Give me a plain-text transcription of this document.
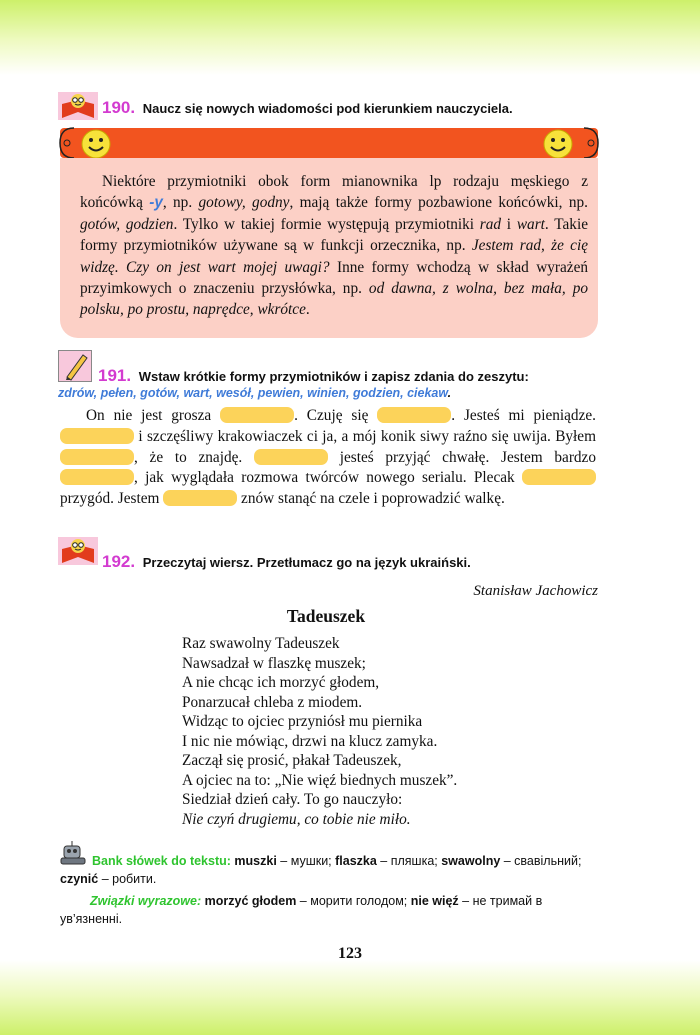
190. Naucz się nowych wiadomości pod kierunkiem nauczyciela.
Niektóre przymiotniki obok form mianownika lp rodzaju męskiego z końcówką -y, np. gotowy, godny, mają także formy pozbawione końcówki, np. gotów, godzien. Tylko w takiej formie występują przymiotniki rad i wart. Takie formy przymiotników używane są w funkcji orzecznika, np. Jestem rad, że cię widzę. Czy on jest wart mojej uwagi? Inne formy wchodzą w skład wyrażeń przyimkowych o znaczeniu przysłówka, np. od dawna, z wolna, bez mała, po polsku, po prostu, naprędce, wkrótce.
191. Wstaw krótkie formy przymiotników i zapisz zdania do zeszytu:
zdrów, pełen, gotów, wart, wesół, pewien, winien, godzien, ciekaw.
On nie jest grosza	. Czuję się	. Jesteś mi pieniądze.  i szczęśliwy krakowiaczek ci ja, a mój konik siwy raźno się uwija. Byłem , że to znajdę.	jesteś przyjąć chwałę. Jestem bardzo , jak wyglądała rozmowa twórców nowego serialu. Plecak  przygód. Jestem	znów stanąć na czele i poprowadzić walkę.
192. Przeczytaj wiersz. Przetłumacz go na język ukraiński.
Stanisław Jachowicz
Tadeuszek
Raz swawolny Tadeuszek
Nawsadzał w flaszkę muszek;
A nie chcąc ich morzyć głodem,
Ponarzucał chleba z miodem.
Widząc to ojciec przyniósł mu piernika
I nic nie mówiąc, drzwi na klucz zamyka.
Zaczął się prosić, płakał Tadeuszek,
A ojciec na to: „Nie więź biednych muszek”.
Siedział dzień cały. To go nauczyło:
Nie czyń drugiemu, co tobie nie miło.
Bank słówek do tekstu: muszki – мушки; flaszka – пляшка; swawolny – свавільний; czynić – робити.
Związki wyrazowe: morzyć głodem – морити голодом; nie więź – не тримай в ув’язненні.
123
